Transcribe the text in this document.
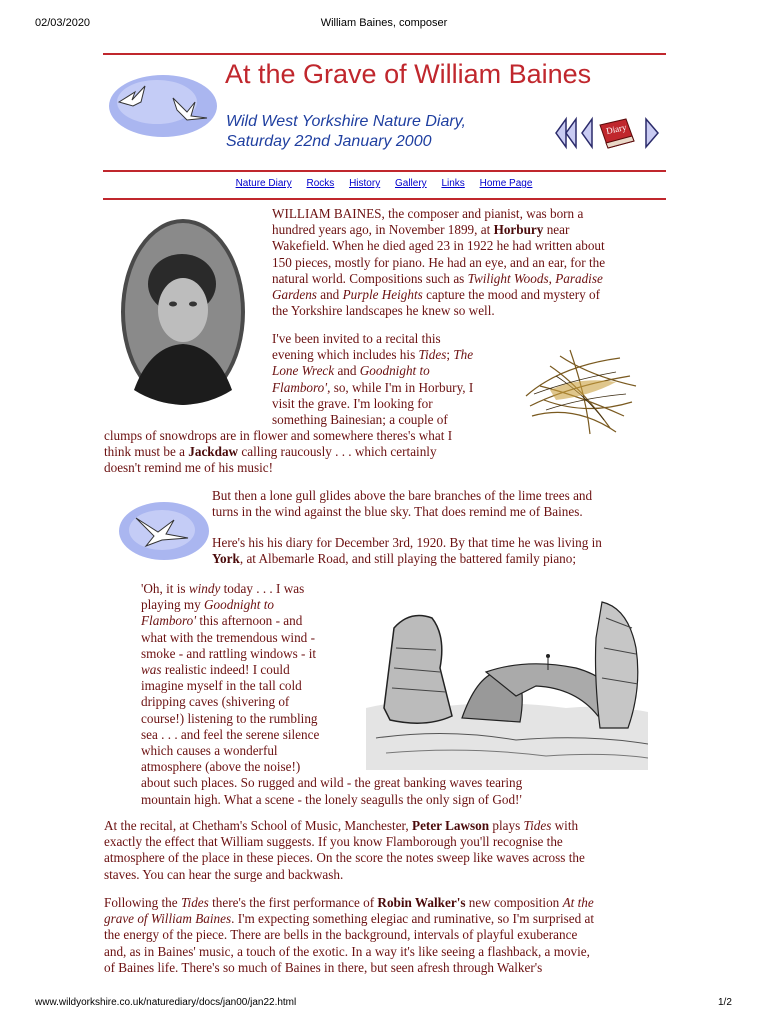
02/03/2020	William Baines, composer
At the Grave of William Baines
Wild West Yorkshire Nature Diary,
Saturday 22nd January 2000
Diary
Nature Diary Rocks History Gallery Links Home Page
WILLIAM BAINES, the composer and pianist, was born a
hundred years ago, in November 1899, at Horbury near
Wakefield. When he died aged 23 in 1922 he had written about
150 pieces, mostly for piano. He had an eye, and an ear, for the
natural world. Compositions such as Twilight Woods, Paradise
Gardens and Purple Heights capture the mood and mystery of
the Yorkshire landscapes he knew so well.
I've been invited to a recital this
evening which includes his Tides; The
Lone Wreck and Goodnight to
Flamboro', so, while I'm in Horbury, I
visit the grave. I'm looking for
something Bainesian; a couple of
clumps of snowdrops are in flower and somewhere theres's what I
think must be a Jackdaw calling raucously . . . which certainly
doesn't remind me of his music!
But then a lone gull glides above the bare branches of the lime trees and
turns in the wind against the blue sky. That does remind me of Baines.
Here's his his diary for December 3rd, 1920. By that time he was living in
York, at Albemarle Road, and still playing the battered family piano;
'Oh, it is windy today . . . I was
playing my Goodnight to
Flamboro' this afternoon - and
what with the tremendous wind -
smoke - and rattling windows - it
was realistic indeed! I could
imagine myself in the tall cold
dripping caves (shivering of
course!) listening to the rumbling
sea . . . and feel the serene silence
which causes a wonderful
atmosphere (above the noise!)
about such places. So rugged and wild - the great banking waves tearing
mountain high. What a scene - the lonely seagulls the only sign of God!'
At the recital, at Chetham's School of Music, Manchester, Peter Lawson plays Tides with
exactly the effect that William suggests. If you know Flamborough you'll recognise the
atmosphere of the place in these pieces. On the score the notes sweep like waves across the
staves. You can hear the surge and backwash.
Following the Tides there's the first performance of Robin Walker's new composition At the
grave of William Baines. I'm expecting something elegiac and ruminative, so I'm surprised at
the energy of the piece. There are bells in the background, intervals of playful exuberance
and, as in Baines' music, a touch of the exotic. In a way it's like seeing a flashback, a movie,
of Baines life. There's so much of Baines in there, but seen afresh through Walker's
www.wildyorkshire.co.uk/naturediary/docs/jan00/jan22.html	1/2
